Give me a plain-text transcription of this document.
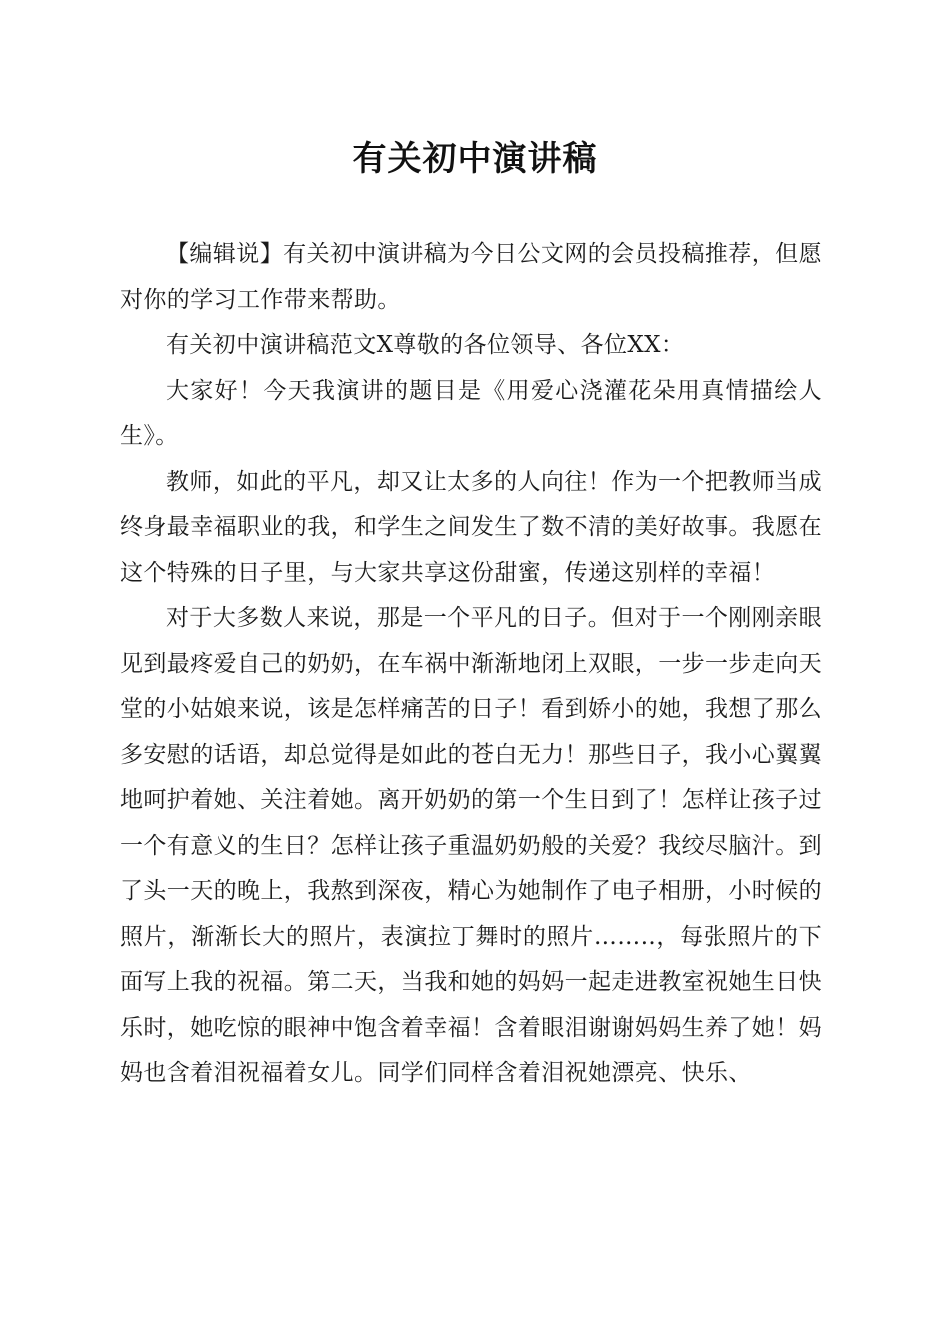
有关初中演讲稿

【编辑说】有关初中演讲稿为今日公文网的会员投稿推荐，但愿对你的学习工作带来帮助。

有关初中演讲稿范文X尊敬的各位领导、各位XX：

大家好！今天我演讲的题目是《用爱心浇灌花朵用真情描绘人生》。

教师，如此的平凡，却又让太多的人向往！作为一个把教师当成终身最幸福职业的我，和学生之间发生了数不清的美好故事。我愿在这个特殊的日子里，与大家共享这份甜蜜，传递这别样的幸福！

对于大多数人来说，那是一个平凡的日子。但对于一个刚刚亲眼见到最疼爱自己的奶奶，在车祸中渐渐地闭上双眼，一步一步走向天堂的小姑娘来说，该是怎样痛苦的日子！看到娇小的她，我想了那么多安慰的话语，却总觉得是如此的苍白无力！那些日子，我小心翼翼地呵护着她、关注着她。离开奶奶的第一个生日到了！怎样让孩子过一个有意义的生日？怎样让孩子重温奶奶般的关爱？我绞尽脑汁。到了头一天的晚上，我熬到深夜，精心为她制作了电子相册，小时候的照片，渐渐长大的照片，表演拉丁舞时的照片……..，每张照片的下面写上我的祝福。第二天，当我和她的妈妈一起走进教室祝她生日快乐时，她吃惊的眼神中饱含着幸福！含着眼泪谢谢妈妈生养了她！妈妈也含着泪祝福着女儿。同学们同样含着泪祝她漂亮、快乐、
